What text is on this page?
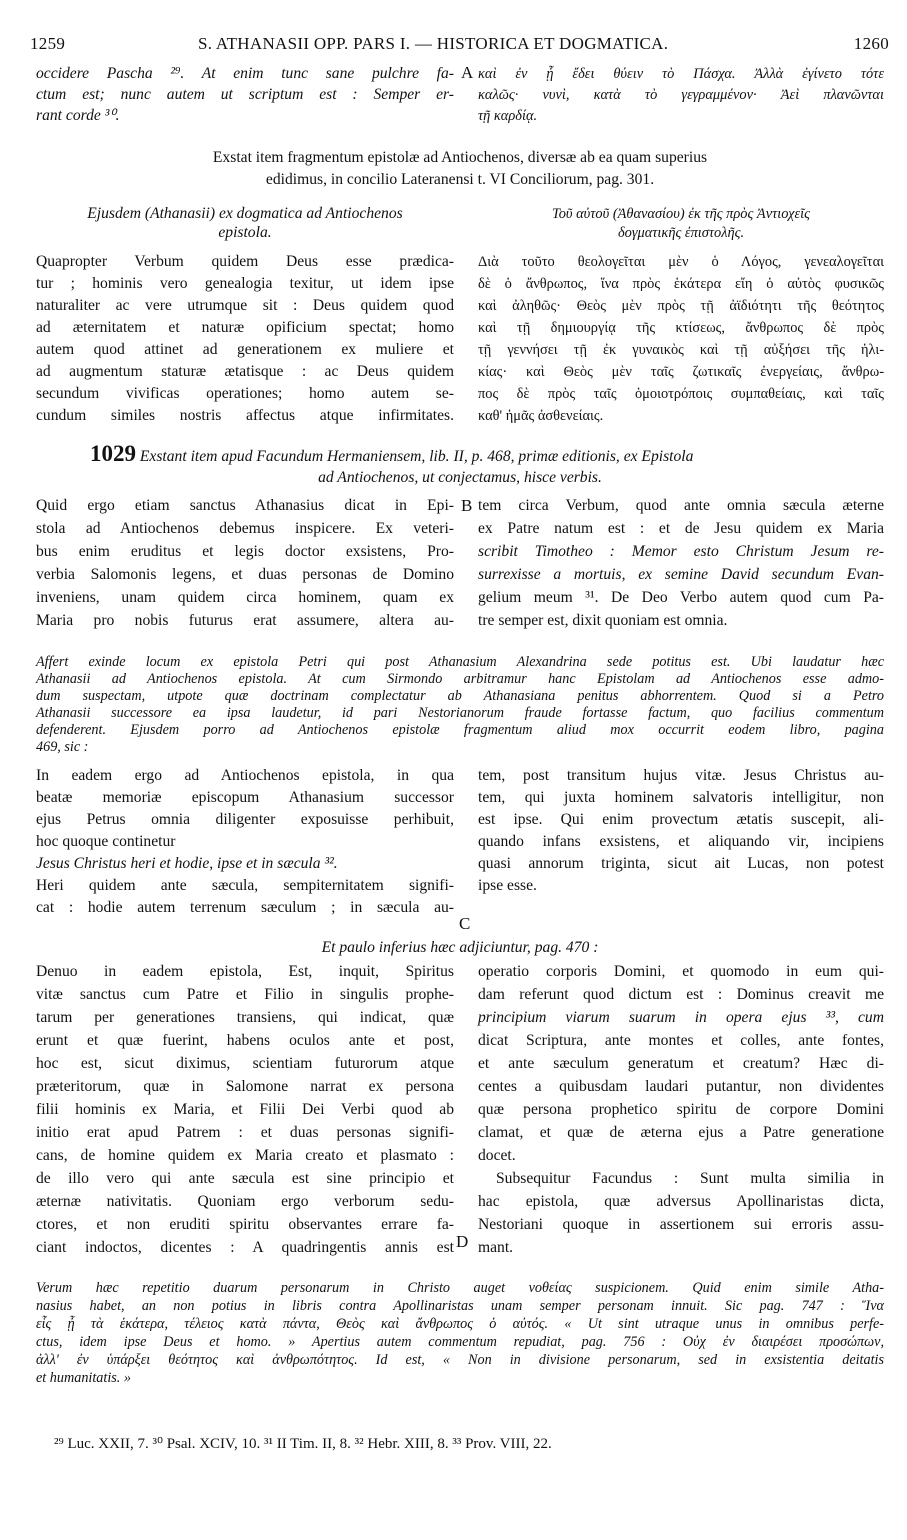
1259	S. ATHANASII OPP. PARS I. — HISTORICA ET DOGMATICA.	1260
occidere Pascha ²⁹. At enim tunc sane pulchre fa-
ctum est; nunc autem ut scriptum est : Semper er-
rant corde ³⁰.
A καὶ ἐν ᾗ ἔδει θύειν τὸ Πάσχα. Ἀλλὰ ἐγίνετο τότε
καλῶς· νυνὶ, κατὰ τὸ γεγραμμένον· Ἀεὶ πλανῶνται
τῇ καρδίᾳ.
Exstat item fragmentum epistolæ ad Antiochenos, diversæ ab ea quam superius
edidimus, in concilio Lateranensi t. VI Conciliorum, pag. 301.
Ejusdem (Athanasii) ex dogmatica ad Antiochenos
epistola.
Τοῦ αὐτοῦ (Ἀθανασίου) ἐκ τῆς πρὸς Ἀντιοχεῖς
δογματικῆς ἐπιστολῆς.
Quapropter Verbum quidem Deus esse prædica-
tur ; hominis vero genealogia texitur, ut idem ipse
naturaliter ac vere utrumque sit : Deus quidem quod
ad æternitatem et naturæ opificium spectat; homo
autem quod attinet ad generationem ex muliere et
ad augmentum staturæ ætatisque : ac Deus quidem
secundum vivificas operationes; homo autem se-
cundum similes nostris affectus atque infirmitates.
Διὰ τοῦτο θεολογεῖται μὲν ὁ Λόγος, γενεαλογεῖται
δὲ ὁ ἄνθρωπος, ἵνα πρὸς ἑκάτερα εἴη ὁ αὐτὸς φυσικῶς
καὶ ἀληθῶς· Θεὸς μὲν πρὸς τῇ ἀϊδιότητι τῆς θεότητος
καὶ τῇ δημιουργίᾳ τῆς κτίσεως, ἄνθρωπος δὲ πρὸς
τῇ γεννήσει τῇ ἐκ γυναικὸς καὶ τῇ αὐξήσει τῆς ἡλι-
κίας· καὶ Θεὸς μὲν ταῖς ζωτικαῖς ἐνεργείαις, ἄνθρω-
πος δὲ πρὸς ταῖς ὁμοιοτρόποις συμπαθείαις, καὶ ταῖς
καθ' ἡμᾶς ἀσθενείαις.
1029 Exstant item apud Facundum Hermaniensem, lib. II, p. 468, primæ editionis, ex Epistola
ad Antiochenos, ut conjectamus, hisce verbis.
Quid ergo etiam sanctus Athanasius dicat in Epi-
stola ad Antiochenos debemus inspicere. Ex veteri-
bus enim eruditus et legis doctor exsistens, Pro-
verbia Salomonis legens, et duas personas de Domino
inveniens, unam quidem circa hominem, quam ex
Maria pro nobis futurus erat assumere, altera au-
B tem circa Verbum, quod ante omnia sæcula æterne
ex Patre natum est : et de Jesu quidem ex Maria
scribit Timotheo : Memor esto Christum Jesum re-
surrexisse a mortuis, ex semine David secundum Evan-
gelium meum ³¹. De Deo Verbo autem quod cum Pa-
tre semper est, dixit quoniam est omnia.
Affert exinde locum ex epistola Petri qui post Athanasium Alexandrina sede potitus est. Ubi laudatur hæc
Athanasii ad Antiochenos epistola. At cum Sirmondo arbitramur hanc Epistolam ad Antiochenos esse admo-
dum suspectam, utpote quæ doctrinam complectatur ab Athanasiana penitus abhorrentem. Quod si a Petro
Athanasii successore ea ipsa laudetur, id pari Nestorianorum fraude fortasse factum, quo facilius commentum
defenderent. Ejusdem porro ad Antiochenos epistolæ fragmentum aliud mox occurrit eodem libro, pagina
469, sic :
In eadem ergo ad Antiochenos epistola, in qua
beatæ memoriæ episcopum Athanasium successor
ejus Petrus omnia diligenter exposuisse perhibuit,
hoc quoque continetur
Jesus Christus heri et hodie, ipse et in sæcula ³².
Heri quidem ante sæcula, sempiternitatem signifi-
cat : hodie autem terrenum sæculum ; in sæcula au-
C
tem, post transitum hujus vitæ. Jesus Christus au-
tem, qui juxta hominem salvatoris intelligitur, non
est ipse. Qui enim provectum ætatis suscepit, ali-
quando infans exsistens, et aliquando vir, incipiens
quasi annorum triginta, sicut ait Lucas, non potest
ipse esse.
Et paulo inferius hæc adjiciuntur, pag. 470 :
Denuo in eadem epistola, Est, inquit, Spiritus
vitæ sanctus cum Patre et Filio in singulis prophe-
tarum per generationes transiens, qui indicat, quæ
erunt et quæ fuerint, habens oculos ante et post,
hoc est, sicut diximus, scientiam futurorum atque
præteritorum, quæ in Salomone narrat ex persona
filii hominis ex Maria, et Filii Dei Verbi quod ab
initio erat apud Patrem : et duas personas signifi-
cans, de homine quidem ex Maria creato et plasmato :
de illo vero qui ante sæcula est sine principio et
æternæ nativitatis. Quoniam ergo verborum sedu-
ctores, et non eruditi spiritu observantes errare fa-
ciant indoctos, dicentes : A quadringentis annis est D
operatio corporis Domini, et quomodo in eum qui-
dam referunt quod dictum est : Dominus creavit me
principium viarum suarum in opera ejus ³³, cum
dicat Scriptura, ante montes et colles, ante fontes,
et ante sæculum generatum et creatum? Hæc di-
centes a quibusdam laudari putantur, non dividentes
quæ persona prophetico spiritu de corpore Domini
clamat, et quæ de æterna ejus a Patre generatione
docet.
Subsequitur Facundus : Sunt multa similia in
hac epistola, quæ adversus Apollinaristas dicta,
Nestoriani quoque in assertionem sui erroris assu-
mant.
Verum hæc repetitio duarum personarum in Christo auget νοθείας suspicionem. Quid enim simile Atha-
nasius habet, an non potius in libris contra Apollinaristas unam semper personam innuit. Sic pag. 747 : Ἵνα
εἷς ᾖ τὰ ἑκάτερα, τέλειος κατὰ πάντα, Θεὸς καὶ ἄνθρωπος ὁ αὐτός. « Ut sint utraque unus in omnibus perfe-
ctus, idem ipse Deus et homo. » Apertius autem commentum repudiat, pag. 756 : Οὐχ ἐν διαιρέσει προσώπων,
ἀλλ' ἐν ὑπάρξει θεότητος καὶ ἀνθρωπότητος. Id est, « Non in divisione personarum, sed in exsistentia deitatis
et humanitatis. »
²⁹ Luc. XXII, 7. ³⁰ Psal. XCIV, 10. ³¹ II Tim. II, 8. ³² Hebr. XIII, 8. ³³ Prov. VIII, 22.
